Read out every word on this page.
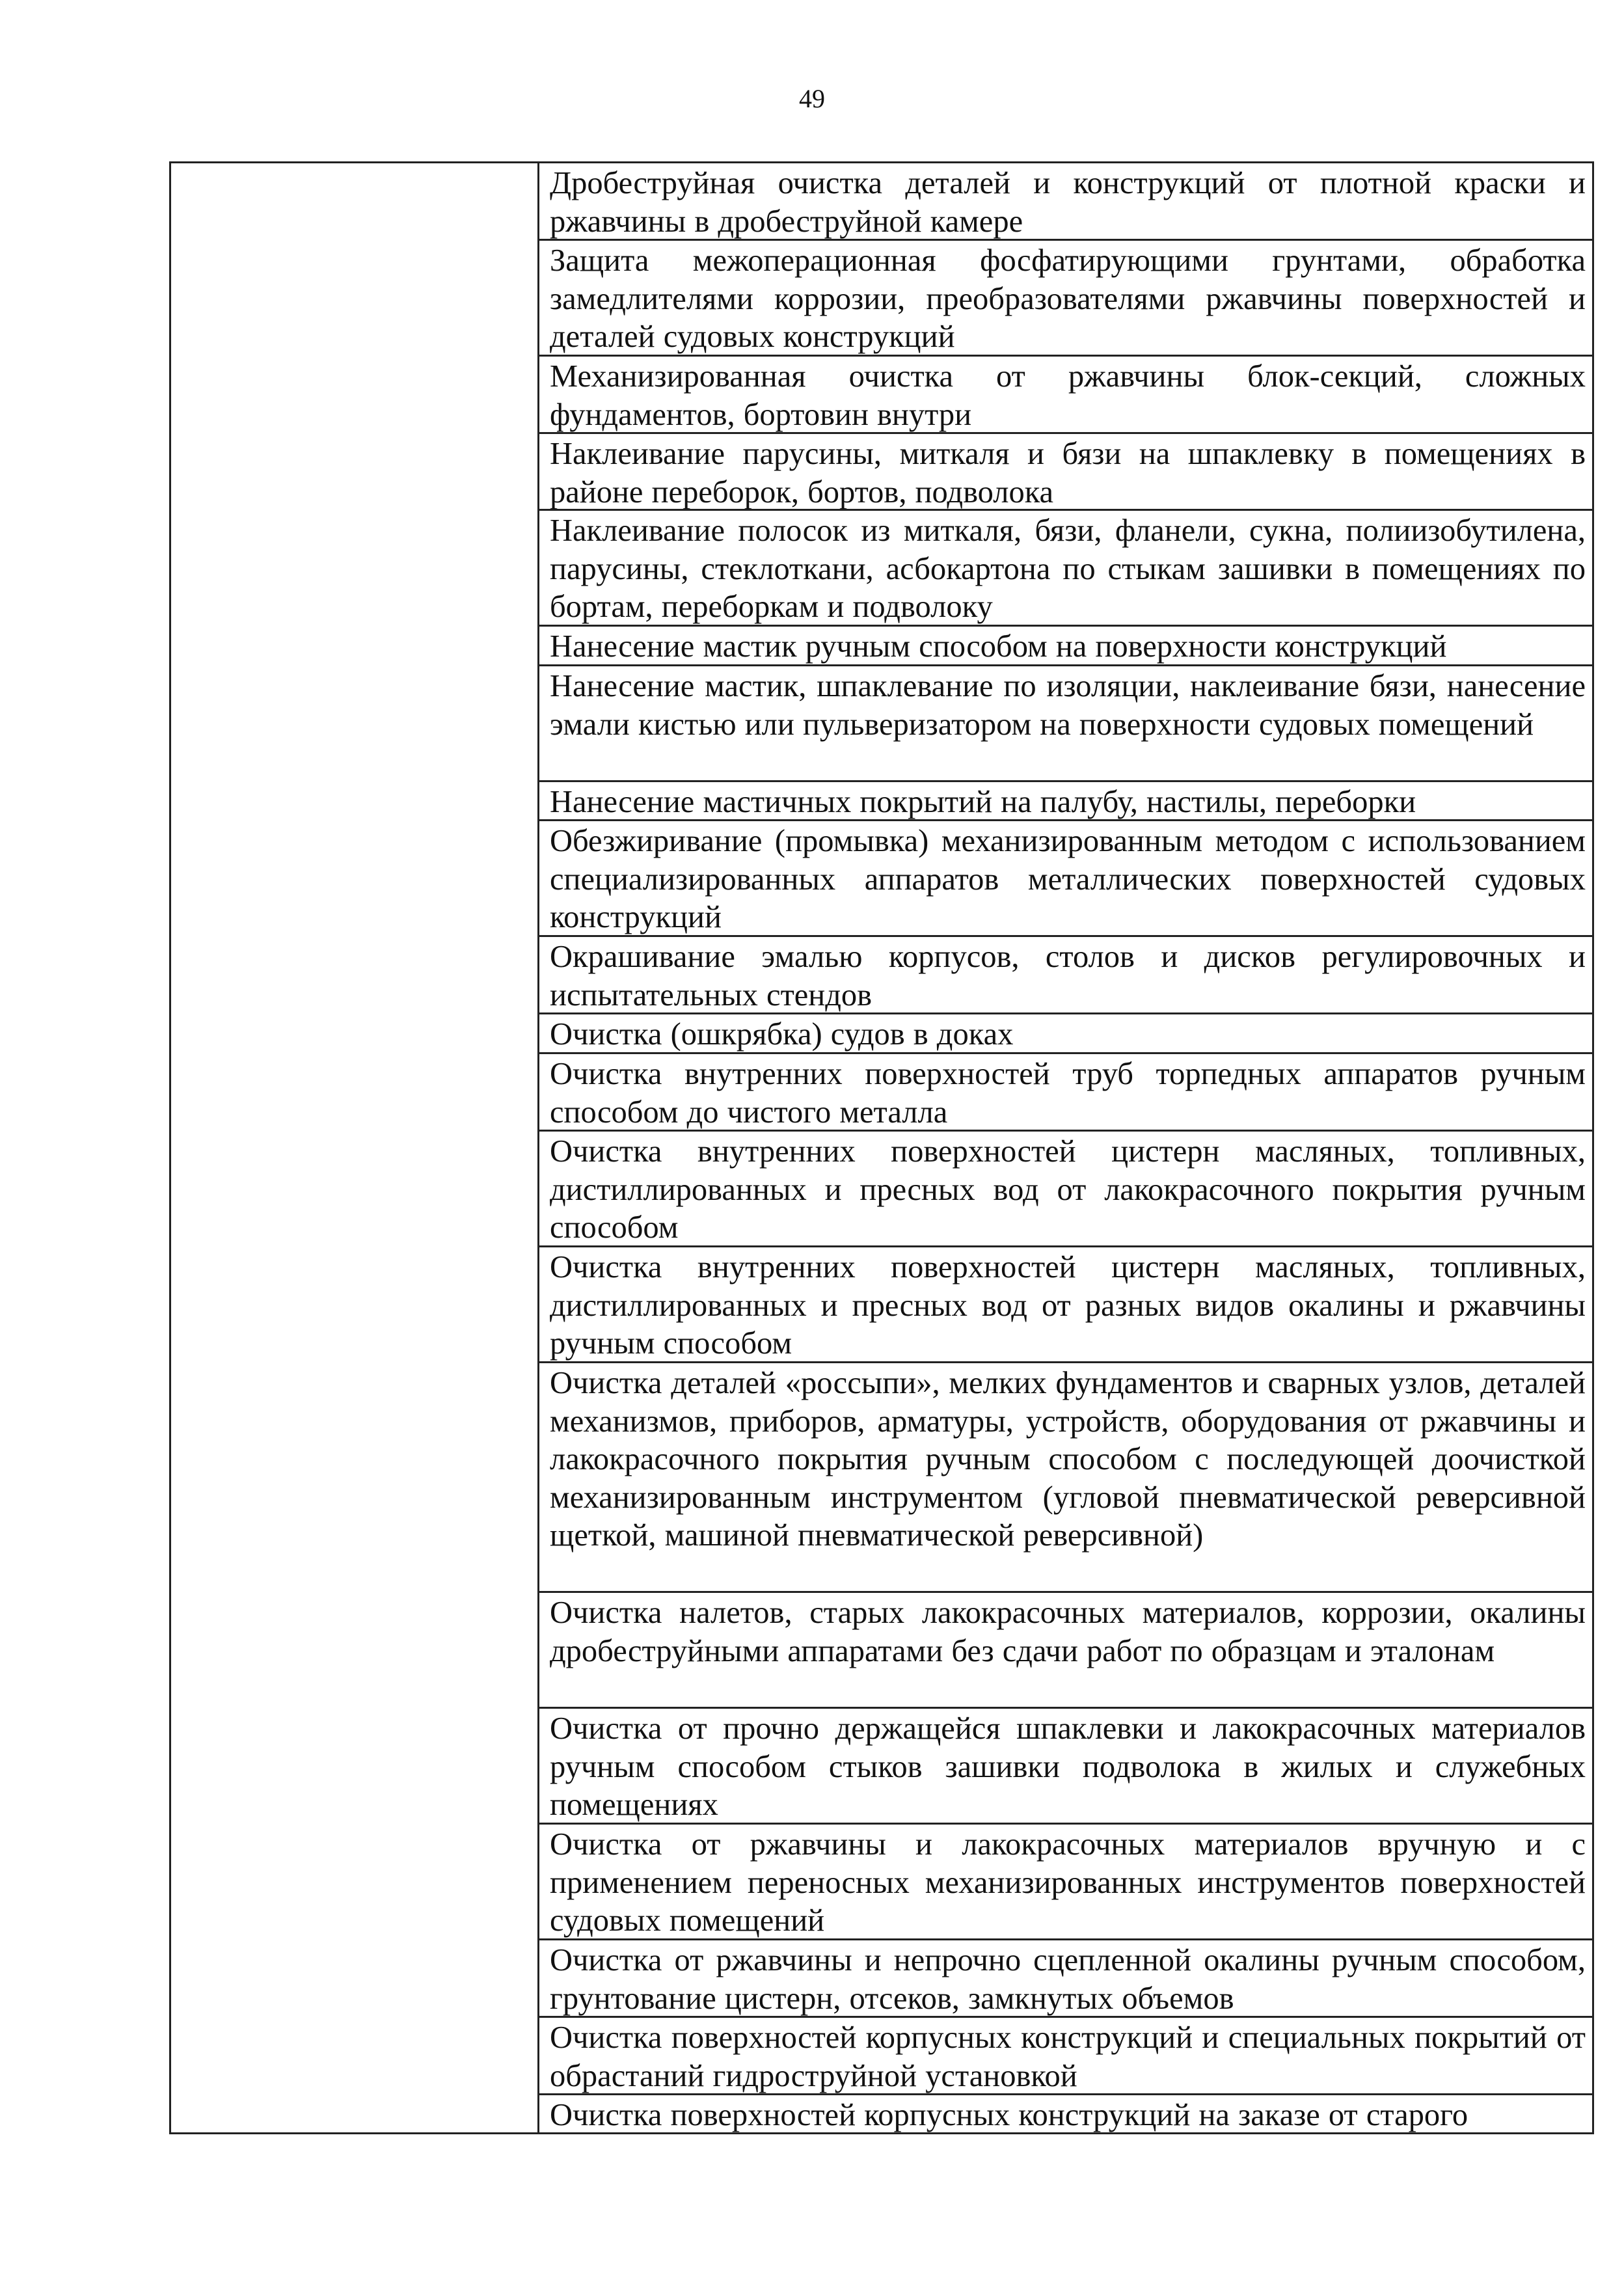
49

Дробеструйная очистка деталей и конструкций от плотной краски и ржавчины в дробеструйной камере

Защита межоперационная фосфатирующими грунтами, обработка замедлителями коррозии, преобразователями ржавчины поверхностей и деталей судовых конструкций

Механизированная очистка от ржавчины блок-секций, сложных фундаментов, бортовин внутри

Наклеивание парусины, миткаля и бязи на шпаклевку в помещениях в районе переборок, бортов, подволока

Наклеивание полосок из миткаля, бязи, фланели, сукна, полиизобутилена, парусины, стеклоткани, асбокартона по стыкам зашивки в помещениях по бортам, переборкам и подволоку

Нанесение мастик ручным способом на поверхности конструкций

Нанесение мастик, шпаклевание по изоляции, наклеивание бязи, нанесение эмали кистью или пульверизатором на поверхности судовых помещений

Нанесение мастичных покрытий на палубу, настилы, переборки

Обезжиривание (промывка) механизированным методом с использованием специализированных аппаратов металлических поверхностей судовых конструкций

Окрашивание эмалью корпусов, столов и дисков регулировочных и испытательных стендов

Очистка (ошкрябка) судов в доках

Очистка внутренних поверхностей труб торпедных аппаратов ручным способом до чистого металла

Очистка внутренних поверхностей цистерн масляных, топливных, дистиллированных и пресных вод от лакокрасочного покрытия ручным способом

Очистка внутренних поверхностей цистерн масляных, топливных, дистиллированных и пресных вод от разных видов окалины и ржавчины ручным способом

Очистка деталей «россыпи», мелких фундаментов и сварных узлов, деталей механизмов, приборов, арматуры, устройств, оборудования от ржавчины и лакокрасочного покрытия ручным способом с последующей доочисткой механизированным инструментом (угловой пневматической реверсивной щеткой, машиной пневматической реверсивной)

Очистка налетов, старых лакокрасочных материалов, коррозии, окалины дробеструйными аппаратами без сдачи работ по образцам и эталонам

Очистка от прочно держащейся шпаклевки и лакокрасочных материалов ручным способом стыков зашивки подволока в жилых и служебных помещениях

Очистка от ржавчины и лакокрасочных материалов вручную и с применением переносных механизированных инструментов поверхностей судовых помещений

Очистка от ржавчины и непрочно сцепленной окалины ручным способом, грунтование цистерн, отсеков, замкнутых объемов

Очистка поверхностей корпусных конструкций и специальных покрытий от обрастаний гидроструйной установкой

Очистка поверхностей корпусных конструкций на заказе от старого
